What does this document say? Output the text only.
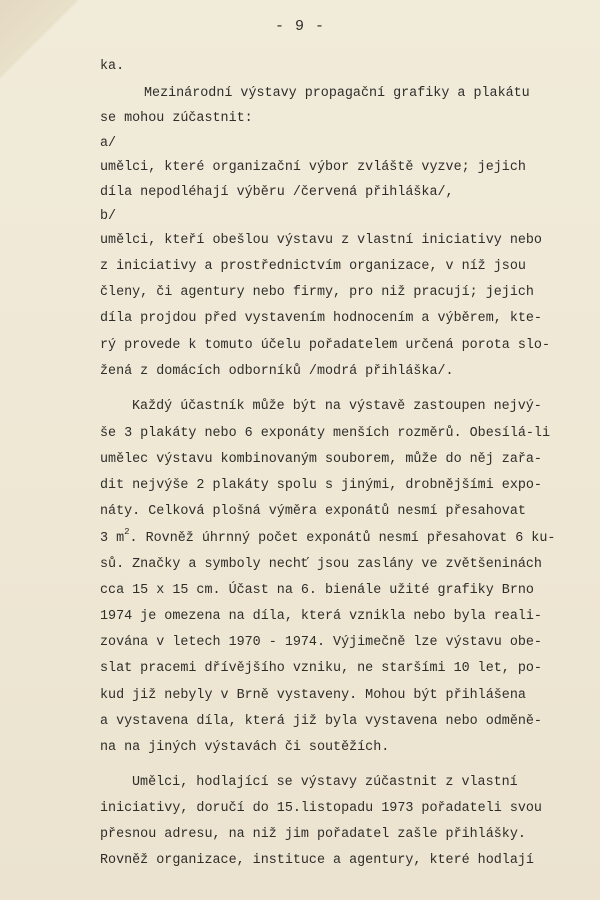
- 9 -
ka.
Mezinárodní výstavy propagační grafiky a plakátu
se mohou zúčastnit:
a/
umělci, které organizační výbor zvláště vyzve; jejich
díla nepodléhají výběru /červená přihláška/,
b/
umělci, kteří obešlou výstavu z vlastní iniciativy nebo
z iniciativy a prostřednictvím organizace, v níž jsou
členy, či agentury nebo firmy, pro niž pracují; jejich
díla projdou před vystavením hodnocením a výběrem, kte-
rý provede k tomuto účelu pořadatelem určená porota slo-
žená z domácích odborníků /modrá přihláška/.
Každý účastník může být na výstavě zastoupen nejvý-
še 3 plakáty nebo 6 exponáty menších rozměrů. Obesílá-li
umělec výstavu kombinovaným souborem, může do něj zařa-
dit nejvýše 2 plakáty spolu s jinými, drobnějšími expo-
náty. Celková plošná výměra exponátů nesmí přesahovat
3 $m^2$. Rovněž úhrnný počet exponátů nesmí přesahovat 6 ku-
sů. Značky a symboly nechť jsou zaslány ve zvětšeninách
cca 15 x 15 cm. Účast na 6. bienále užité grafiky Brno
1974 je omezena na díla, která vznikla nebo byla reali-
zována v letech 1970 - 1974. Výjimečně lze výstavu obe-
slat pracemi dřívějšího vzniku, ne staršími 10 let, po-
kud již nebyly v Brně vystaveny. Mohou být přihlášena
a vystavena díla, která již byla vystavena nebo odměně-
na na jiných výstavách či soutěžích.
Umělci, hodlající se výstavy zúčastnit z vlastní
iniciativy, doručí do 15.listopadu 1973 pořadateli svou
přesnou adresu, na niž jim pořadatel zašle přihlášky.
Rovněž organizace, instituce a agentury, které hodlají
